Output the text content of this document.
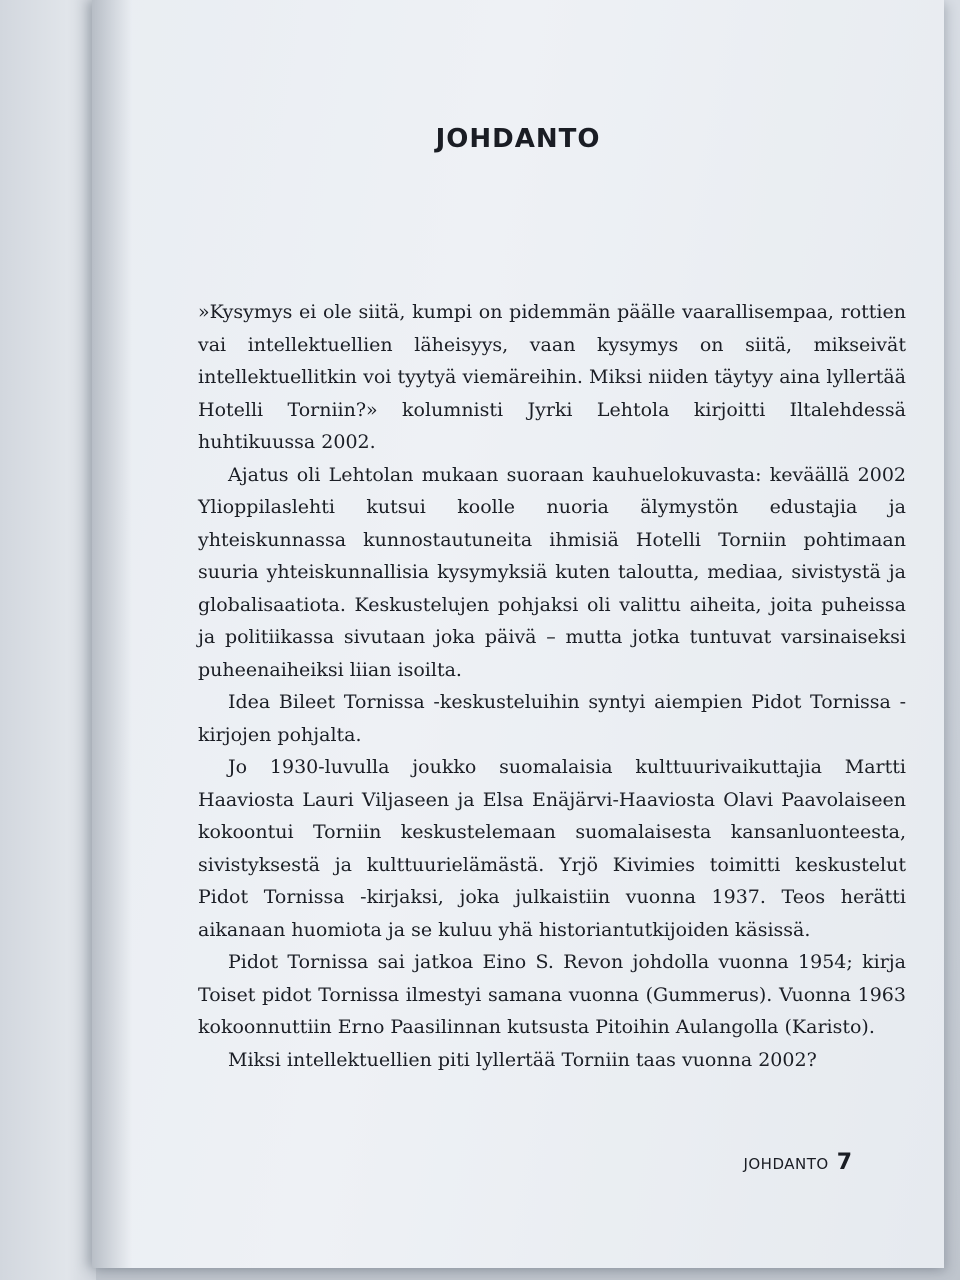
JOHDANTO

»Kysymys ei ole siitä, kumpi on pidemmän päälle vaarallisempaa, rottien vai intellektuellien läheisyys, vaan kysymys on siitä, mikseivät intellektuellitkin voi tyytyä viemäreihin. Miksi niiden täytyy aina lyllertää Hotelli Torniin?» kolumnisti Jyrki Lehtola kirjoitti Iltalehdessä huhtikuussa 2002.

Ajatus oli Lehtolan mukaan suoraan kauhuelokuvasta: keväällä 2002 Ylioppilaslehti kutsui koolle nuoria älymystön edustajia ja yhteiskunnassa kunnostautuneita ihmisiä Hotelli Torniin pohtimaan suuria yhteiskunnallisia kysymyksiä kuten taloutta, mediaa, sivistystä ja globalisaatiota. Keskustelujen pohjaksi oli valittu aiheita, joita puheissa ja politiikassa sivutaan joka päivä – mutta jotka tuntuvat varsinaiseksi puheenaiheiksi liian isoilta.

Idea Bileet Tornissa -keskusteluihin syntyi aiempien Pidot Tornissa -kirjojen pohjalta.

Jo 1930-luvulla joukko suomalaisia kulttuurivaikuttajia Martti Haaviosta Lauri Viljaseen ja Elsa Enäjärvi-Haaviosta Olavi Paavolaiseen kokoontui Torniin keskustelemaan suomalaisesta kansanluonteesta, sivistyksestä ja kulttuurielämästä. Yrjö Kivimies toimitti keskustelut Pidot Tornissa -kirjaksi, joka julkaistiin vuonna 1937. Teos herätti aikanaan huomiota ja se kuluu yhä historiantutkijoiden käsissä.

Pidot Tornissa sai jatkoa Eino S. Revon johdolla vuonna 1954; kirja Toiset pidot Tornissa ilmestyi samana vuonna (Gummerus). Vuonna 1963 kokoonnuttiin Erno Paasilinnan kutsusta Pitoihin Aulangolla (Karisto).

Miksi intellektuellien piti lyllertää Torniin taas vuonna 2002?

JOHDANTO 7
